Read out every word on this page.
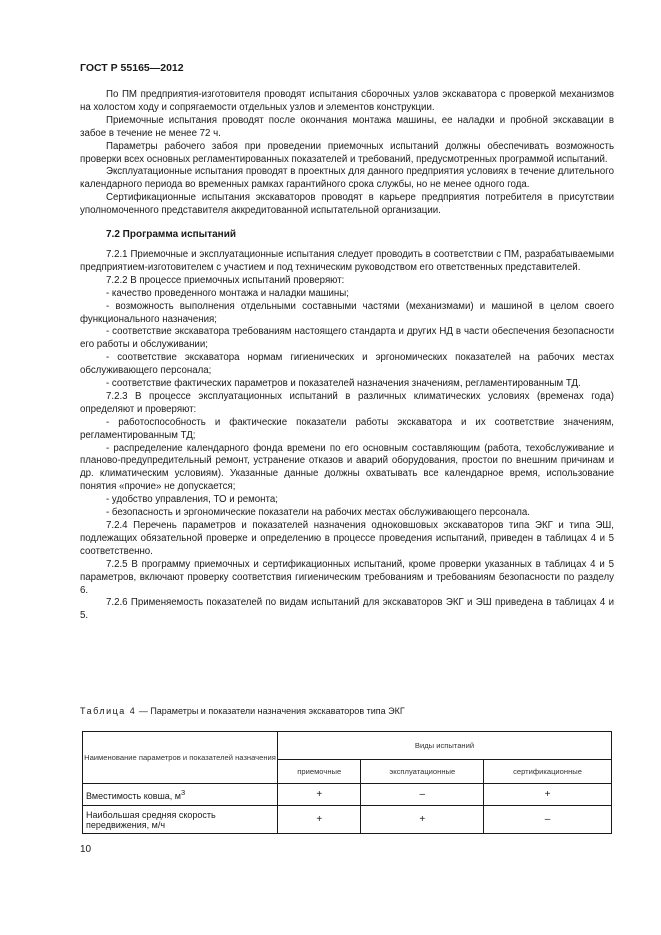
ГОСТ Р 55165—2012

По ПМ предприятия-изготовителя проводят испытания сборочных узлов экскаватора с проверкой механизмов на холостом ходу и сопрягаемости отдельных узлов и элементов конструкции.

Приемочные испытания проводят после окончания монтажа машины, ее наладки и пробной экскавации в забое в течение не менее 72 ч.

Параметры рабочего забоя при проведении приемочных испытаний должны обеспечивать возможность проверки всех основных регламентированных показателей и требований, предусмотренных программой испытаний.

Эксплуатационные испытания проводят в проектных для данного предприятия условиях в течение длительного календарного периода во временных рамках гарантийного срока службы, но не менее одного года.

Сертификационные испытания экскаваторов проводят в карьере предприятия потребителя в присутствии уполномоченного представителя аккредитованной испытательной организации.

7.2 Программа испытаний

7.2.1 Приемочные и эксплуатационные испытания следует проводить в соответствии с ПМ, разрабатываемыми предприятием-изготовителем с участием и под техническим руководством его ответственных представителей.

7.2.2 В процессе приемочных испытаний проверяют:

- качество проведенного монтажа и наладки машины;

- возможность выполнения отдельными составными частями (механизмами) и машиной в целом своего функционального назначения;

- соответствие экскаватора требованиям настоящего стандарта и других НД в части обеспечения безопасности его работы и обслуживании;

- соответствие экскаватора нормам гигиенических и эргономических показателей на рабочих местах обслуживающего персонала;

- соответствие фактических параметров и показателей назначения значениям, регламентированным ТД.

7.2.3 В процессе эксплуатационных испытаний в различных климатических условиях (временах года) определяют и проверяют:

- работоспособность и фактические показатели работы экскаватора и их соответствие значениям, регламентированным ТД;

- распределение календарного фонда времени по его основным составляющим (работа, техобслуживание и планово-предупредительный ремонт, устранение отказов и аварий оборудования, простои по внешним причинам и др. климатическим условиям). Указанные данные должны охватывать все календарное время, использование понятия «прочие» не допускается;

- удобство управления, ТО и ремонта;

- безопасность и эргономические показатели на рабочих местах обслуживающего персонала.

7.2.4 Перечень параметров и показателей назначения одноковшовых экскаваторов типа ЭКГ и типа ЭШ, подлежащих обязательной проверке и определению в процессе проведения испытаний, приведен в таблицах 4 и 5 соответственно.

7.2.5 В программу приемочных и сертификационных испытаний, кроме проверки указанных в таблицах 4 и 5 параметров, включают проверку соответствия гигиеническим требованиям и требованиям безопасности по разделу 6.

7.2.6 Применяемость показателей по видам испытаний для экскаваторов ЭКГ и ЭШ приведена в таблицах 4 и 5.

Таблица 4 — Параметры и показатели назначения экскаваторов типа ЭКГ
Наименование параметров и показателей назначения	Виды испытаний		
	приемочные	эксплуатационные	сертификационные
Вместимость ковша, $м^3$	+	–	+
Наибольшая средняя скорость передвижения, м/ч	+	+	–
10
